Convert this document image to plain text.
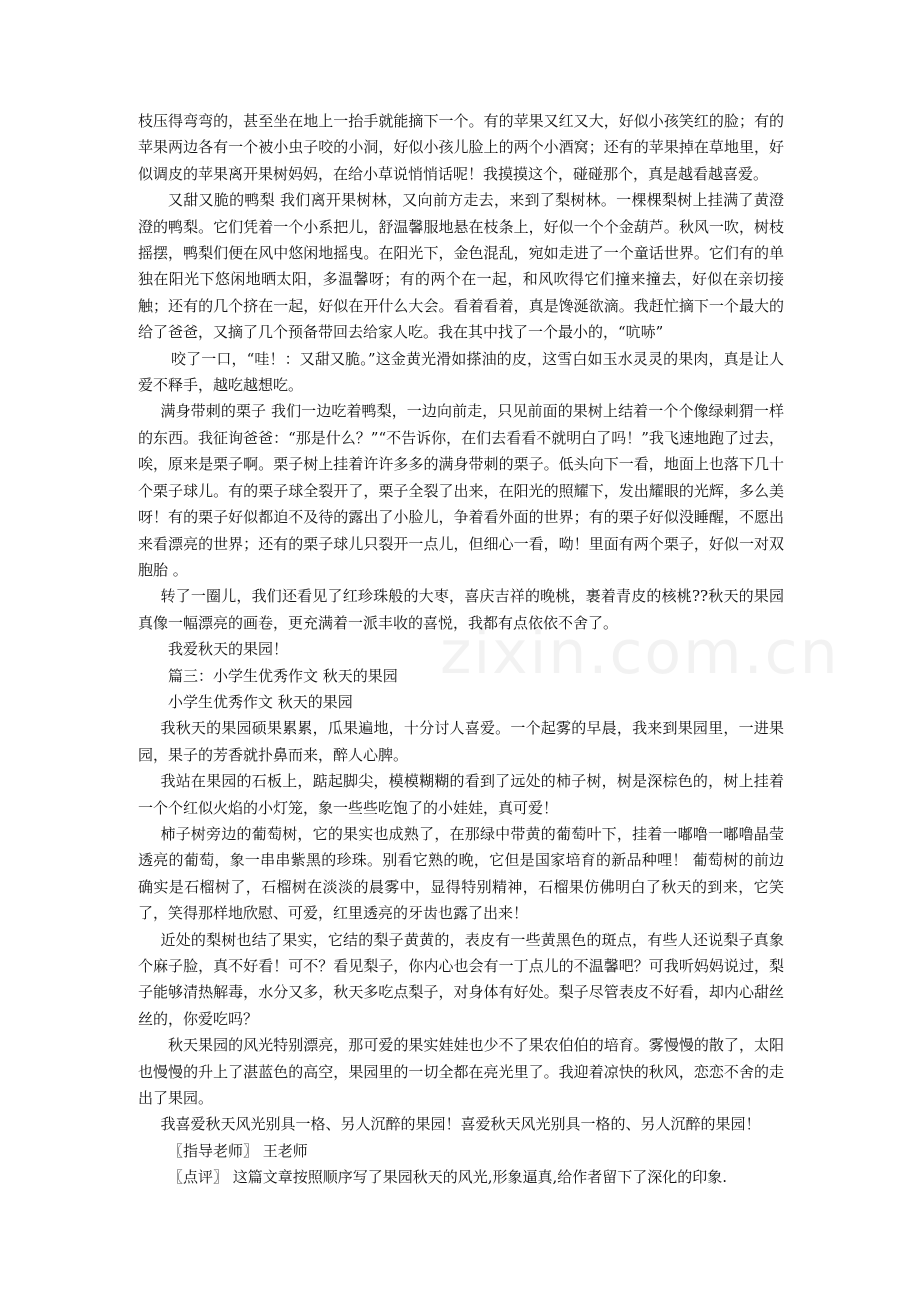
zixin.com.cn

枝压得弯弯的，甚至坐在地上一抬手就能摘下一个。有的苹果又红又大，好似小孩笑红的脸；有的苹果两边各有一个被小虫子咬的小洞，好似小孩儿脸上的两个小酒窝；还有的苹果掉在草地里，好似调皮的苹果离开果树妈妈，在给小草说悄悄话呢！我摸摸这个，碰碰那个，真是越看越喜爱。

又甜又脆的鸭梨 我们离开果树林，又向前方走去，来到了梨树林。一棵棵梨树上挂满了黄澄澄的鸭梨。它们凭着一个小系把儿，舒温馨服地悬在枝条上，好似一个个金葫芦。秋风一吹，树枝摇摆，鸭梨们便在风中悠闲地摇曳。在阳光下，金色混乱，宛如走进了一个童话世界。它们有的单独在阳光下悠闲地晒太阳，多温馨呀；有的两个在一起，和风吹得它们撞来撞去，好似在亲切接触；还有的几个挤在一起，好似在开什么大会。看着看着，真是馋涎欲滴。我赶忙摘下一个最大的给了爸爸，又摘了几个预备带回去给家人吃。我在其中找了一个最小的，“吭哧”

咬了一口，“哇！：又甜又脆。”这金黄光滑如搽油的皮，这雪白如玉水灵灵的果肉，真是让人爱不释手，越吃越想吃。

满身带刺的栗子 我们一边吃着鸭梨，一边向前走，只见前面的果树上结着一个个像绿刺猬一样的东西。我征询爸爸：“那是什么？”“不告诉你，在们去看看不就明白了吗！”我飞速地跑了过去，唉，原来是栗子啊。栗子树上挂着许许多多的满身带刺的栗子。低头向下一看，地面上也落下几十个栗子球儿。有的栗子球全裂开了，栗子全裂了出来，在阳光的照耀下，发出耀眼的光辉，多么美呀！有的栗子好似都迫不及待的露出了小脸儿，争着看外面的世界；有的栗子好似没睡醒，不愿出来看漂亮的世界；还有的栗子球儿只裂开一点儿，但细心一看，呦！里面有两个栗子，好似一对双胞胎 。

转了一圈儿，我们还看见了红珍珠般的大枣，喜庆吉祥的晚桃，裹着青皮的核桃??秋天的果园真像一幅漂亮的画卷，更充满着一派丰收的喜悦，我都有点依依不舍了。

我爱秋天的果园！

篇三：小学生优秀作文 秋天的果园

小学生优秀作文 秋天的果园

我秋天的果园硕果累累，瓜果遍地，十分讨人喜爱。一个起雾的早晨，我来到果园里，一进果园，果子的芳香就扑鼻而来，醉人心脾。

我站在果园的石板上，踮起脚尖，模模糊糊的看到了远处的柿子树，树是深棕色的，树上挂着一个个红似火焰的小灯笼，象一些些吃饱了的小娃娃，真可爱！

柿子树旁边的葡萄树，它的果实也成熟了，在那绿中带黄的葡萄叶下，挂着一嘟噜一嘟噜晶莹透亮的葡萄，象一串串紫黑的珍珠。别看它熟的晚，它但是国家培育的新品种哩！ 葡萄树的前边确实是石榴树了，石榴树在淡淡的晨雾中，显得特别精神，石榴果仿佛明白了秋天的到来，它笑了，笑得那样地欣慰、可爱，红里透亮的牙齿也露了出来！

近处的梨树也结了果实，它结的梨子黄黄的，表皮有一些黄黑色的斑点，有些人还说梨子真象个麻子脸，真不好看！可不？看见梨子，你内心也会有一丁点儿的不温馨吧？可我听妈妈说过，梨子能够清热解毒，水分又多，秋天多吃点梨子，对身体有好处。梨子尽管表皮不好看，却内心甜丝丝的，你爱吃吗？

秋天果园的风光特别漂亮，那可爱的果实娃娃也少不了果农伯伯的培育。雾慢慢的散了，太阳也慢慢的升上了湛蓝色的高空，果园里的一切全都在亮光里了。我迎着凉快的秋风，恋恋不舍的走出了果园。

我喜爱秋天风光别具一格、另人沉醉的果园！喜爱秋天风光别具一格的、另人沉醉的果园！

〖指导老师〗 王老师

〖点评〗 这篇文章按照顺序写了果园秋天的风光,形象逼真,给作者留下了深化的印象.
